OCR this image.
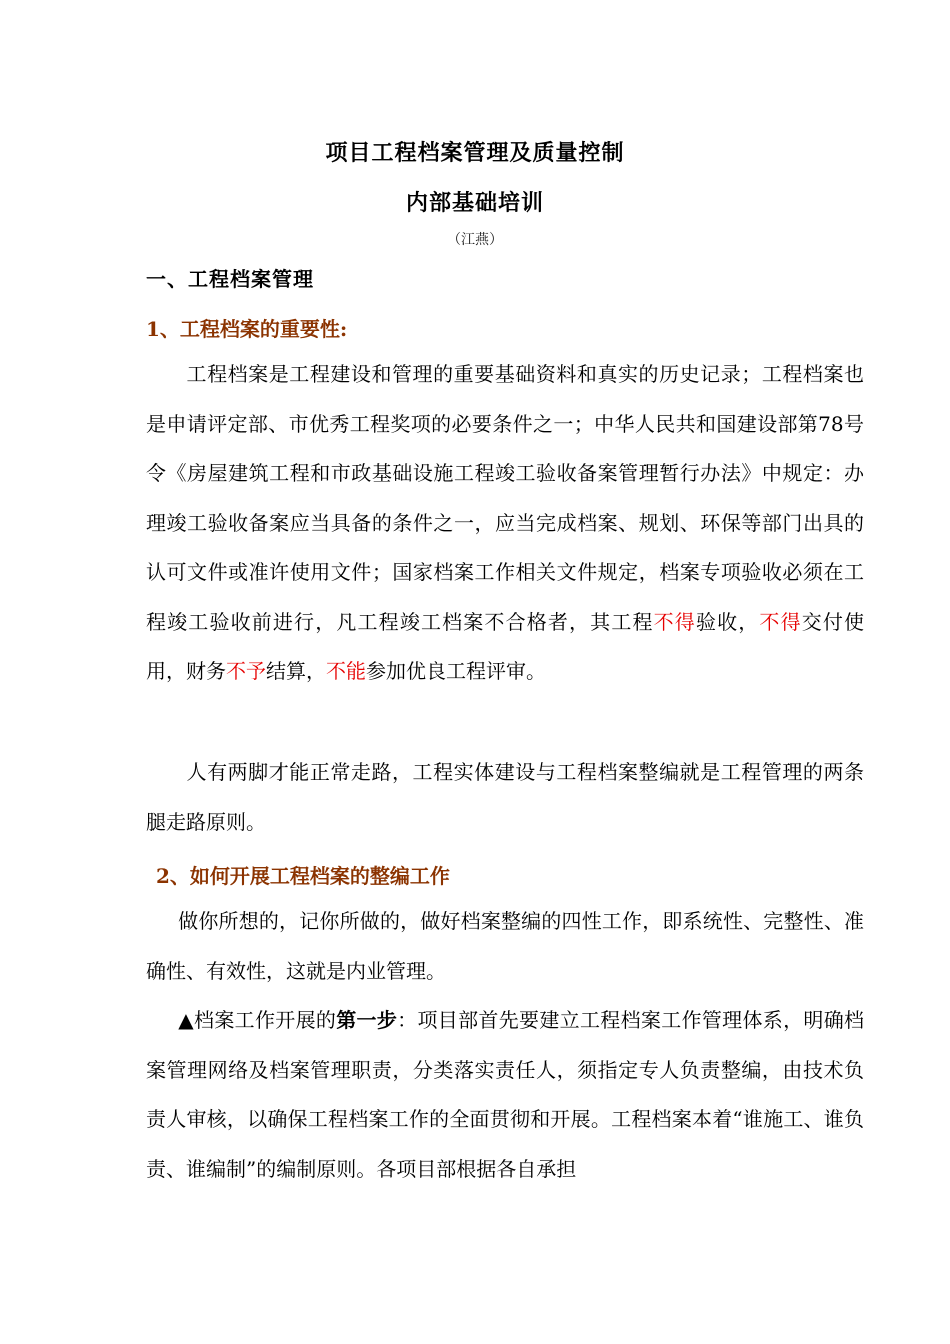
项目工程档案管理及质量控制
内部基础培训
（江燕）
一、工程档案管理
1、工程档案的重要性:
工程档案是工程建设和管理的重要基础资料和真实的历史记录；工程档案也是申请评定部、市优秀工程奖项的必要条件之一；中华人民共和国建设部第78号令《房屋建筑工程和市政基础设施工程竣工验收备案管理暂行办法》中规定：办理竣工验收备案应当具备的条件之一，应当完成档案、规划、环保等部门出具的认可文件或准许使用文件；国家档案工作相关文件规定，档案专项验收必须在工程竣工验收前进行，凡工程竣工档案不合格者，其工程不得验收，不得交付使用，财务不予结算，不能参加优良工程评审。
人有两脚才能正常走路，工程实体建设与工程档案整编就是工程管理的两条腿走路原则。
2、如何开展工程档案的整编工作
做你所想的，记你所做的，做好档案整编的四性工作，即系统性、完整性、准确性、有效性，这就是内业管理。
▲档案工作开展的第一步：项目部首先要建立工程档案工作管理体系，明确档案管理网络及档案管理职责，分类落实责任人，须指定专人负责整编，由技术负责人审核，以确保工程档案工作的全面贯彻和开展。工程档案本着“谁施工、谁负责、谁编制”的编制原则。各项目部根据各自承担
